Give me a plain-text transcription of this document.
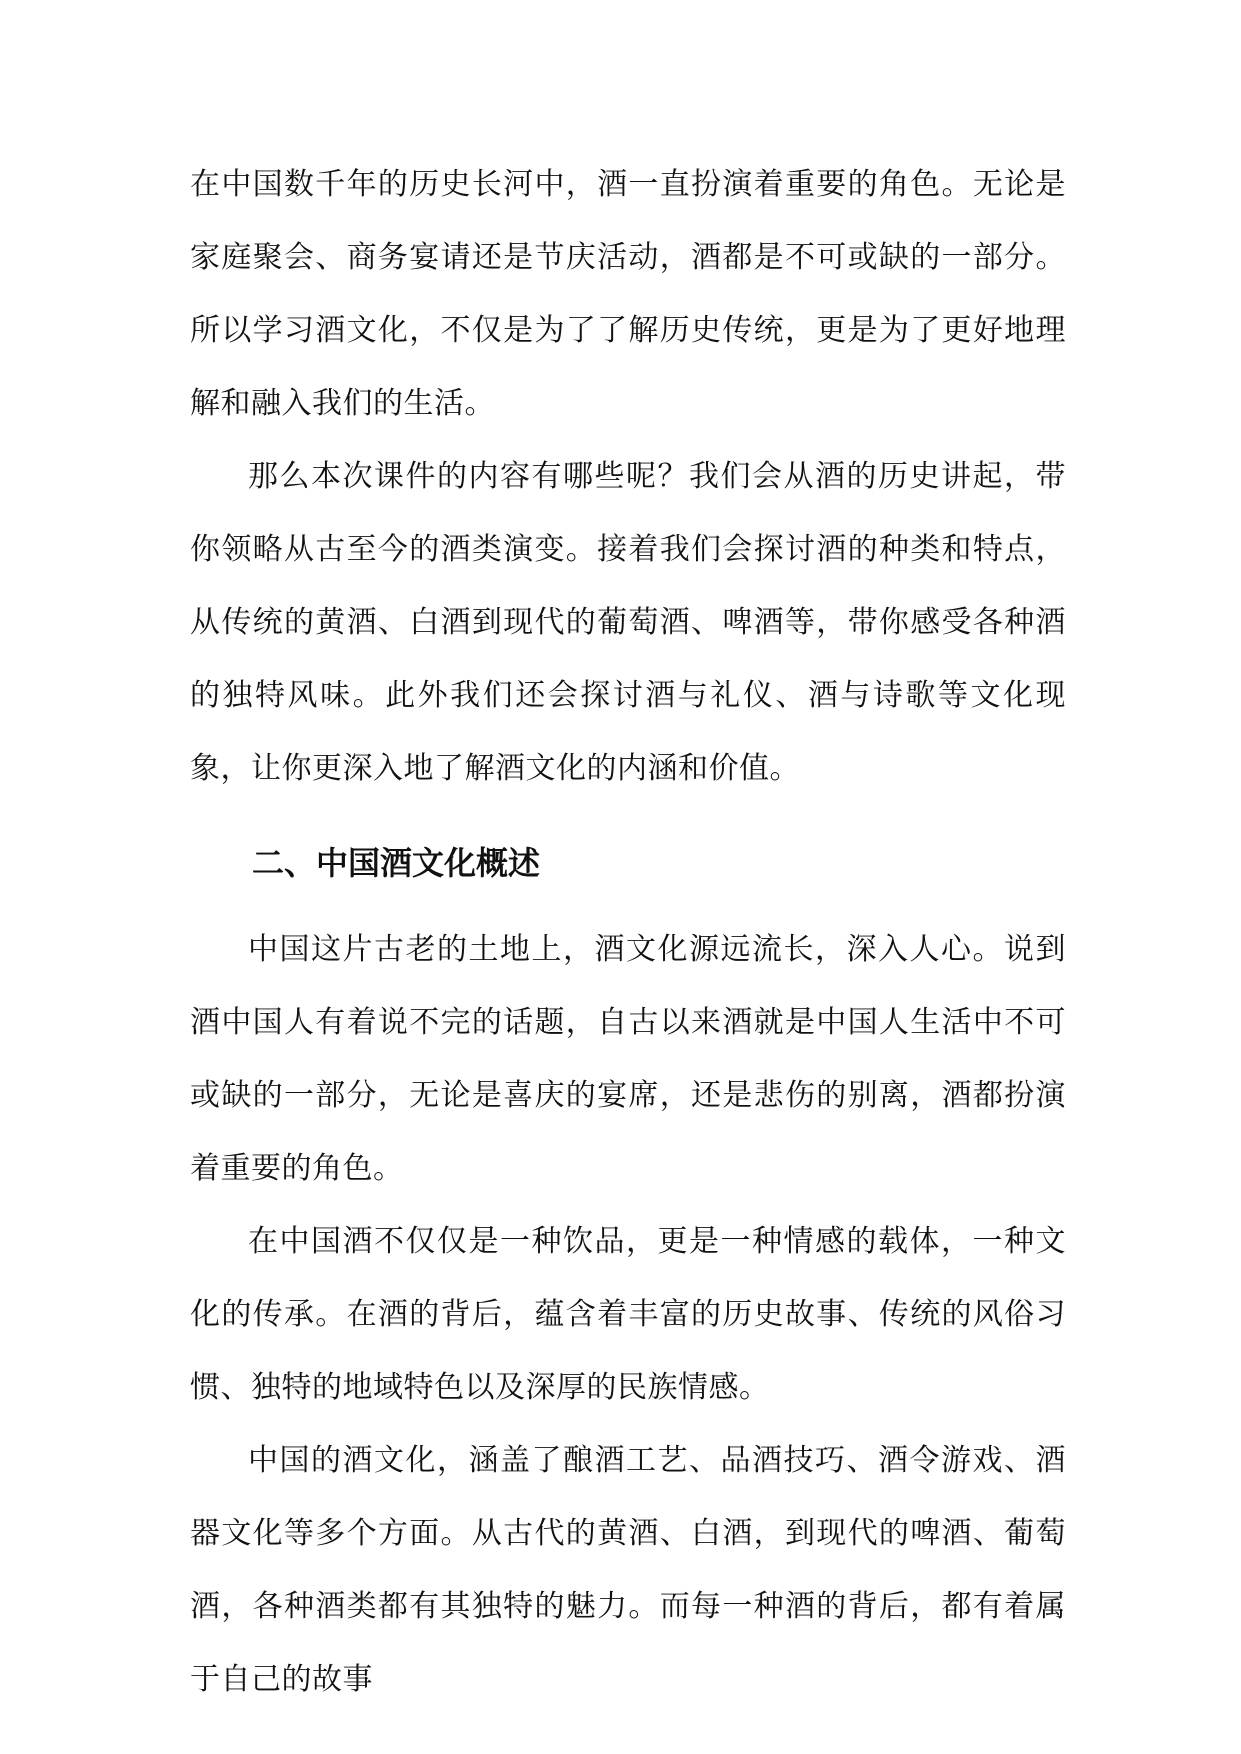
在中国数千年的历史长河中，酒一直扮演着重要的角色。无论是家庭聚会、商务宴请还是节庆活动，酒都是不可或缺的一部分。所以学习酒文化，不仅是为了了解历史传统，更是为了更好地理解和融入我们的生活。

那么本次课件的内容有哪些呢？我们会从酒的历史讲起，带你领略从古至今的酒类演变。接着我们会探讨酒的种类和特点，从传统的黄酒、白酒到现代的葡萄酒、啤酒等，带你感受各种酒的独特风味。此外我们还会探讨酒与礼仪、酒与诗歌等文化现象，让你更深入地了解酒文化的内涵和价值。

二、中国酒文化概述

中国这片古老的土地上，酒文化源远流长，深入人心。说到酒中国人有着说不完的话题，自古以来酒就是中国人生活中不可或缺的一部分，无论是喜庆的宴席，还是悲伤的别离，酒都扮演着重要的角色。

在中国酒不仅仅是一种饮品，更是一种情感的载体，一种文化的传承。在酒的背后，蕴含着丰富的历史故事、传统的风俗习惯、独特的地域特色以及深厚的民族情感。

中国的酒文化，涵盖了酿酒工艺、品酒技巧、酒令游戏、酒器文化等多个方面。从古代的黄酒、白酒，到现代的啤酒、葡萄酒，各种酒类都有其独特的魅力。而每一种酒的背后，都有着属于自己的故事
